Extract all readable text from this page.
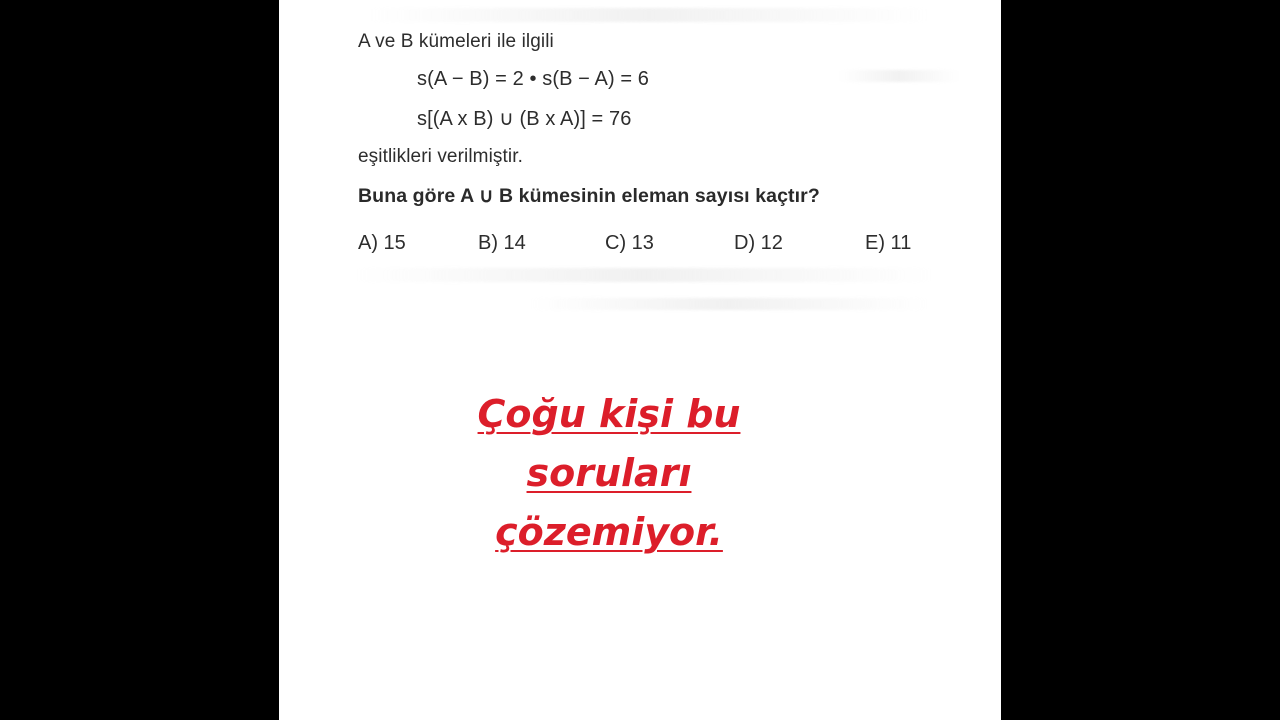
A ve B kümeleri ile ilgili
s(A − B) = 2 • s(B − A) = 6
s[(A x B) ∪ (B x A)] = 76
eşitlikleri verilmiştir.
Buna göre A ∪ B kümesinin eleman sayısı kaçtır?
A) 15	B) 14	C) 13	D) 12	E) 11
Çoğu kişi bu
soruları
çözemiyor.
